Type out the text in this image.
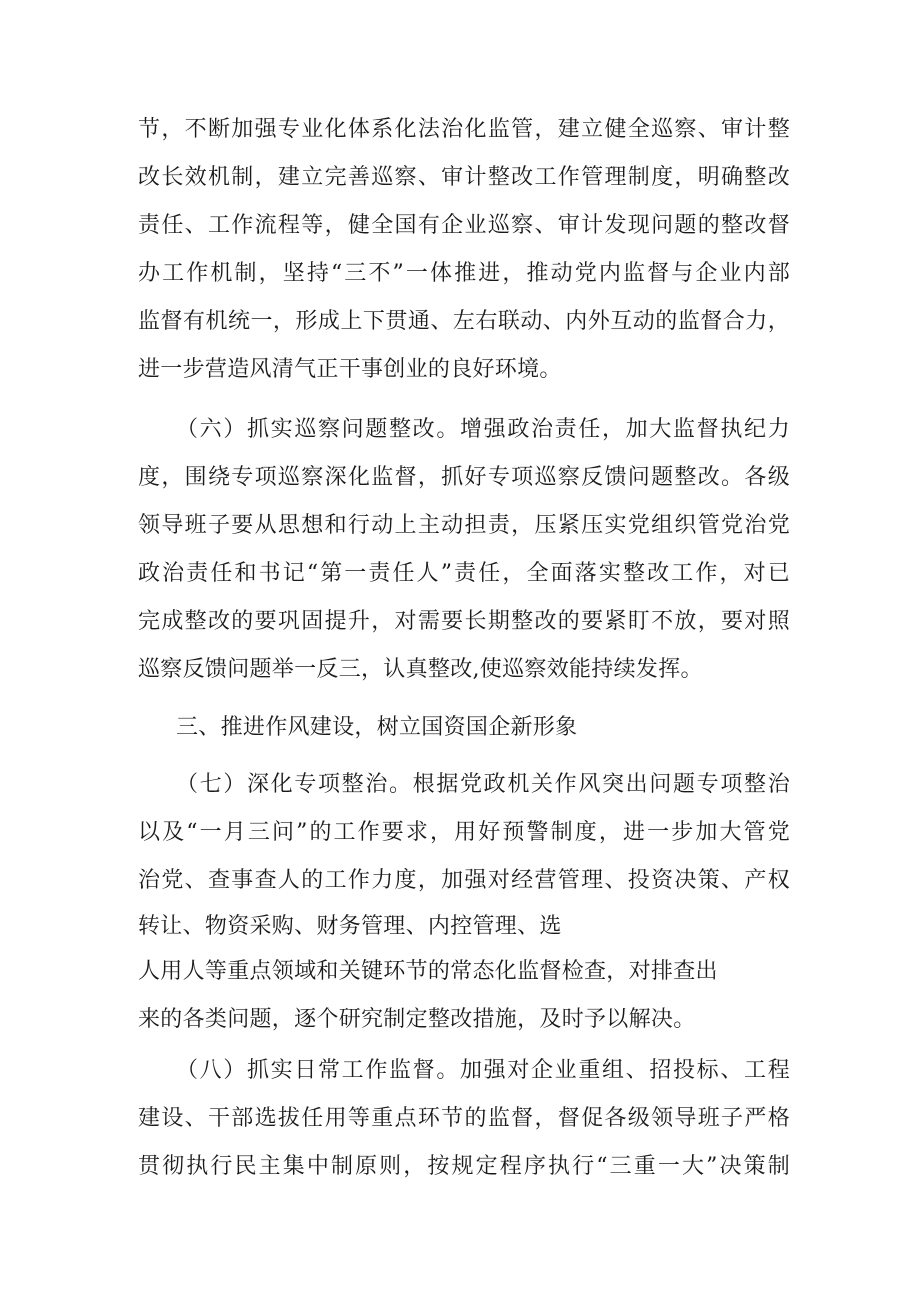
节，不断加强专业化体系化法治化监管，建立健全巡察、审计整
改长效机制，建立完善巡察、审计整改工作管理制度，明确整改
责任、工作流程等，健全国有企业巡察、审计发现问题的整改督
办工作机制，坚持“三不”一体推进，推动党内监督与企业内部
监督有机统一，形成上下贯通、左右联动、内外互动的监督合力，
进一步营造风清气正干事创业的良好环境。
（六）抓实巡察问题整改。增强政治责任，加大监督执纪力
度，围绕专项巡察深化监督，抓好专项巡察反馈问题整改。各级
领导班子要从思想和行动上主动担责，压紧压实党组织管党治党
政治责任和书记“第一责任人”责任，全面落实整改工作，对已
完成整改的要巩固提升，对需要长期整改的要紧盯不放，要对照
巡察反馈问题举一反三，认真整改,使巡察效能持续发挥。
三、推进作风建设，树立国资国企新形象
（七）深化专项整治。根据党政机关作风突出问题专项整治
以及“一月三问”的工作要求，用好预警制度，进一步加大管党
治党、查事查人的工作力度，加强对经营管理、投资决策、产权
转让、物资采购、财务管理、内控管理、选
人用人等重点领域和关键环节的常态化监督检查，对排查出
来的各类问题，逐个研究制定整改措施，及时予以解决。
（八）抓实日常工作监督。加强对企业重组、招投标、工程
建设、干部选拔任用等重点环节的监督，督促各级领导班子严格
贯彻执行民主集中制原则，按规定程序执行“三重一大”决策制
